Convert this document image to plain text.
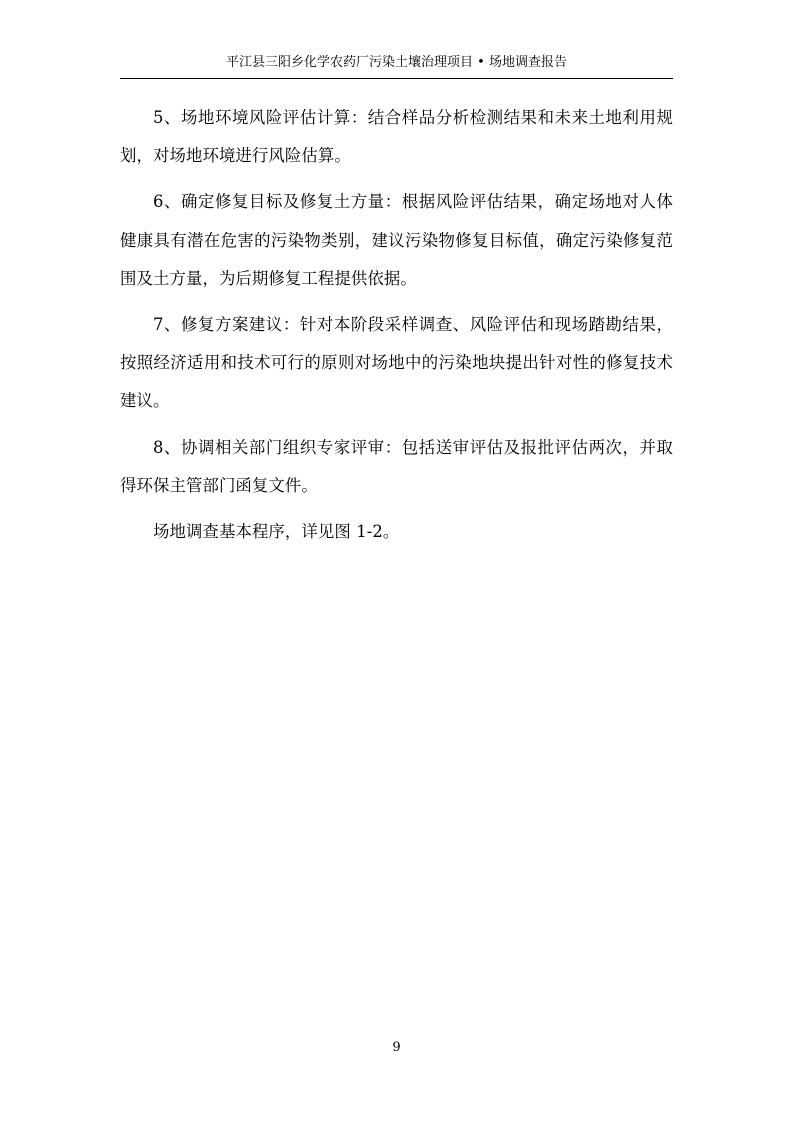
平江县三阳乡化学农药厂污染土壤治理项目 • 场地调查报告

5、场地环境风险评估计算：结合样品分析检测结果和未来土地利用规划，对场地环境进行风险估算。

6、确定修复目标及修复土方量：根据风险评估结果，确定场地对人体健康具有潜在危害的污染物类别，建议污染物修复目标值，确定污染修复范围及土方量，为后期修复工程提供依据。

7、修复方案建议：针对本阶段采样调查、风险评估和现场踏勘结果，按照经济适用和技术可行的原则对场地中的污染地块提出针对性的修复技术建议。

8、协调相关部门组织专家评审：包括送审评估及报批评估两次，并取得环保主管部门函复文件。

场地调查基本程序，详见图 1-2。

9
